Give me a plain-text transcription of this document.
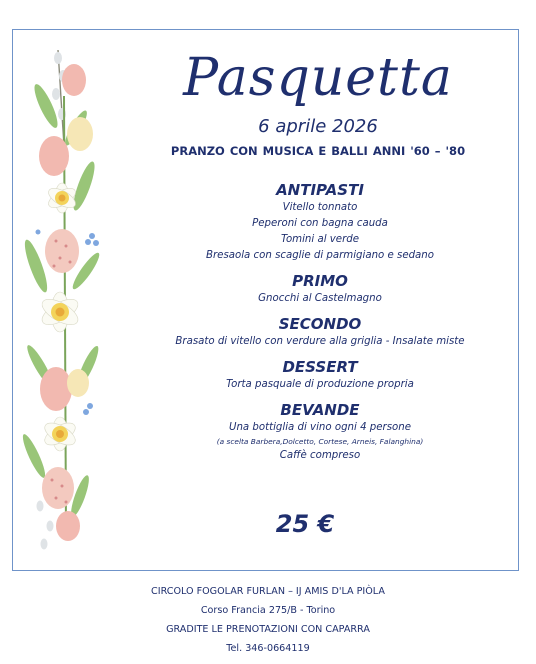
Pasquetta
6 aprile 2026
PRANZO CON MUSICA E BALLI ANNI '60 – '80
ANTIPASTI
Vitello tonnato
Peperoni con bagna cauda
Tomini al verde
Bresaola con scaglie di parmigiano e sedano
PRIMO
Gnocchi al Castelmagno
SECONDO
Brasato di vitello con verdure alla griglia - Insalate miste
DESSERT
Torta pasquale di produzione propria
BEVANDE
Una bottiglia di vino ogni 4 persone
(a scelta Barbera,Dolcetto, Cortese, Arneis, Falanghina)
Caffè compreso
25 €
CIRCOLO FOGOLAR FURLAN – IJ AMIS D'LA PIÒLA
Corso Francia 275/B - Torino
GRADITE LE PRENOTAZIONI CON CAPARRA
Tel. 346-0664119
